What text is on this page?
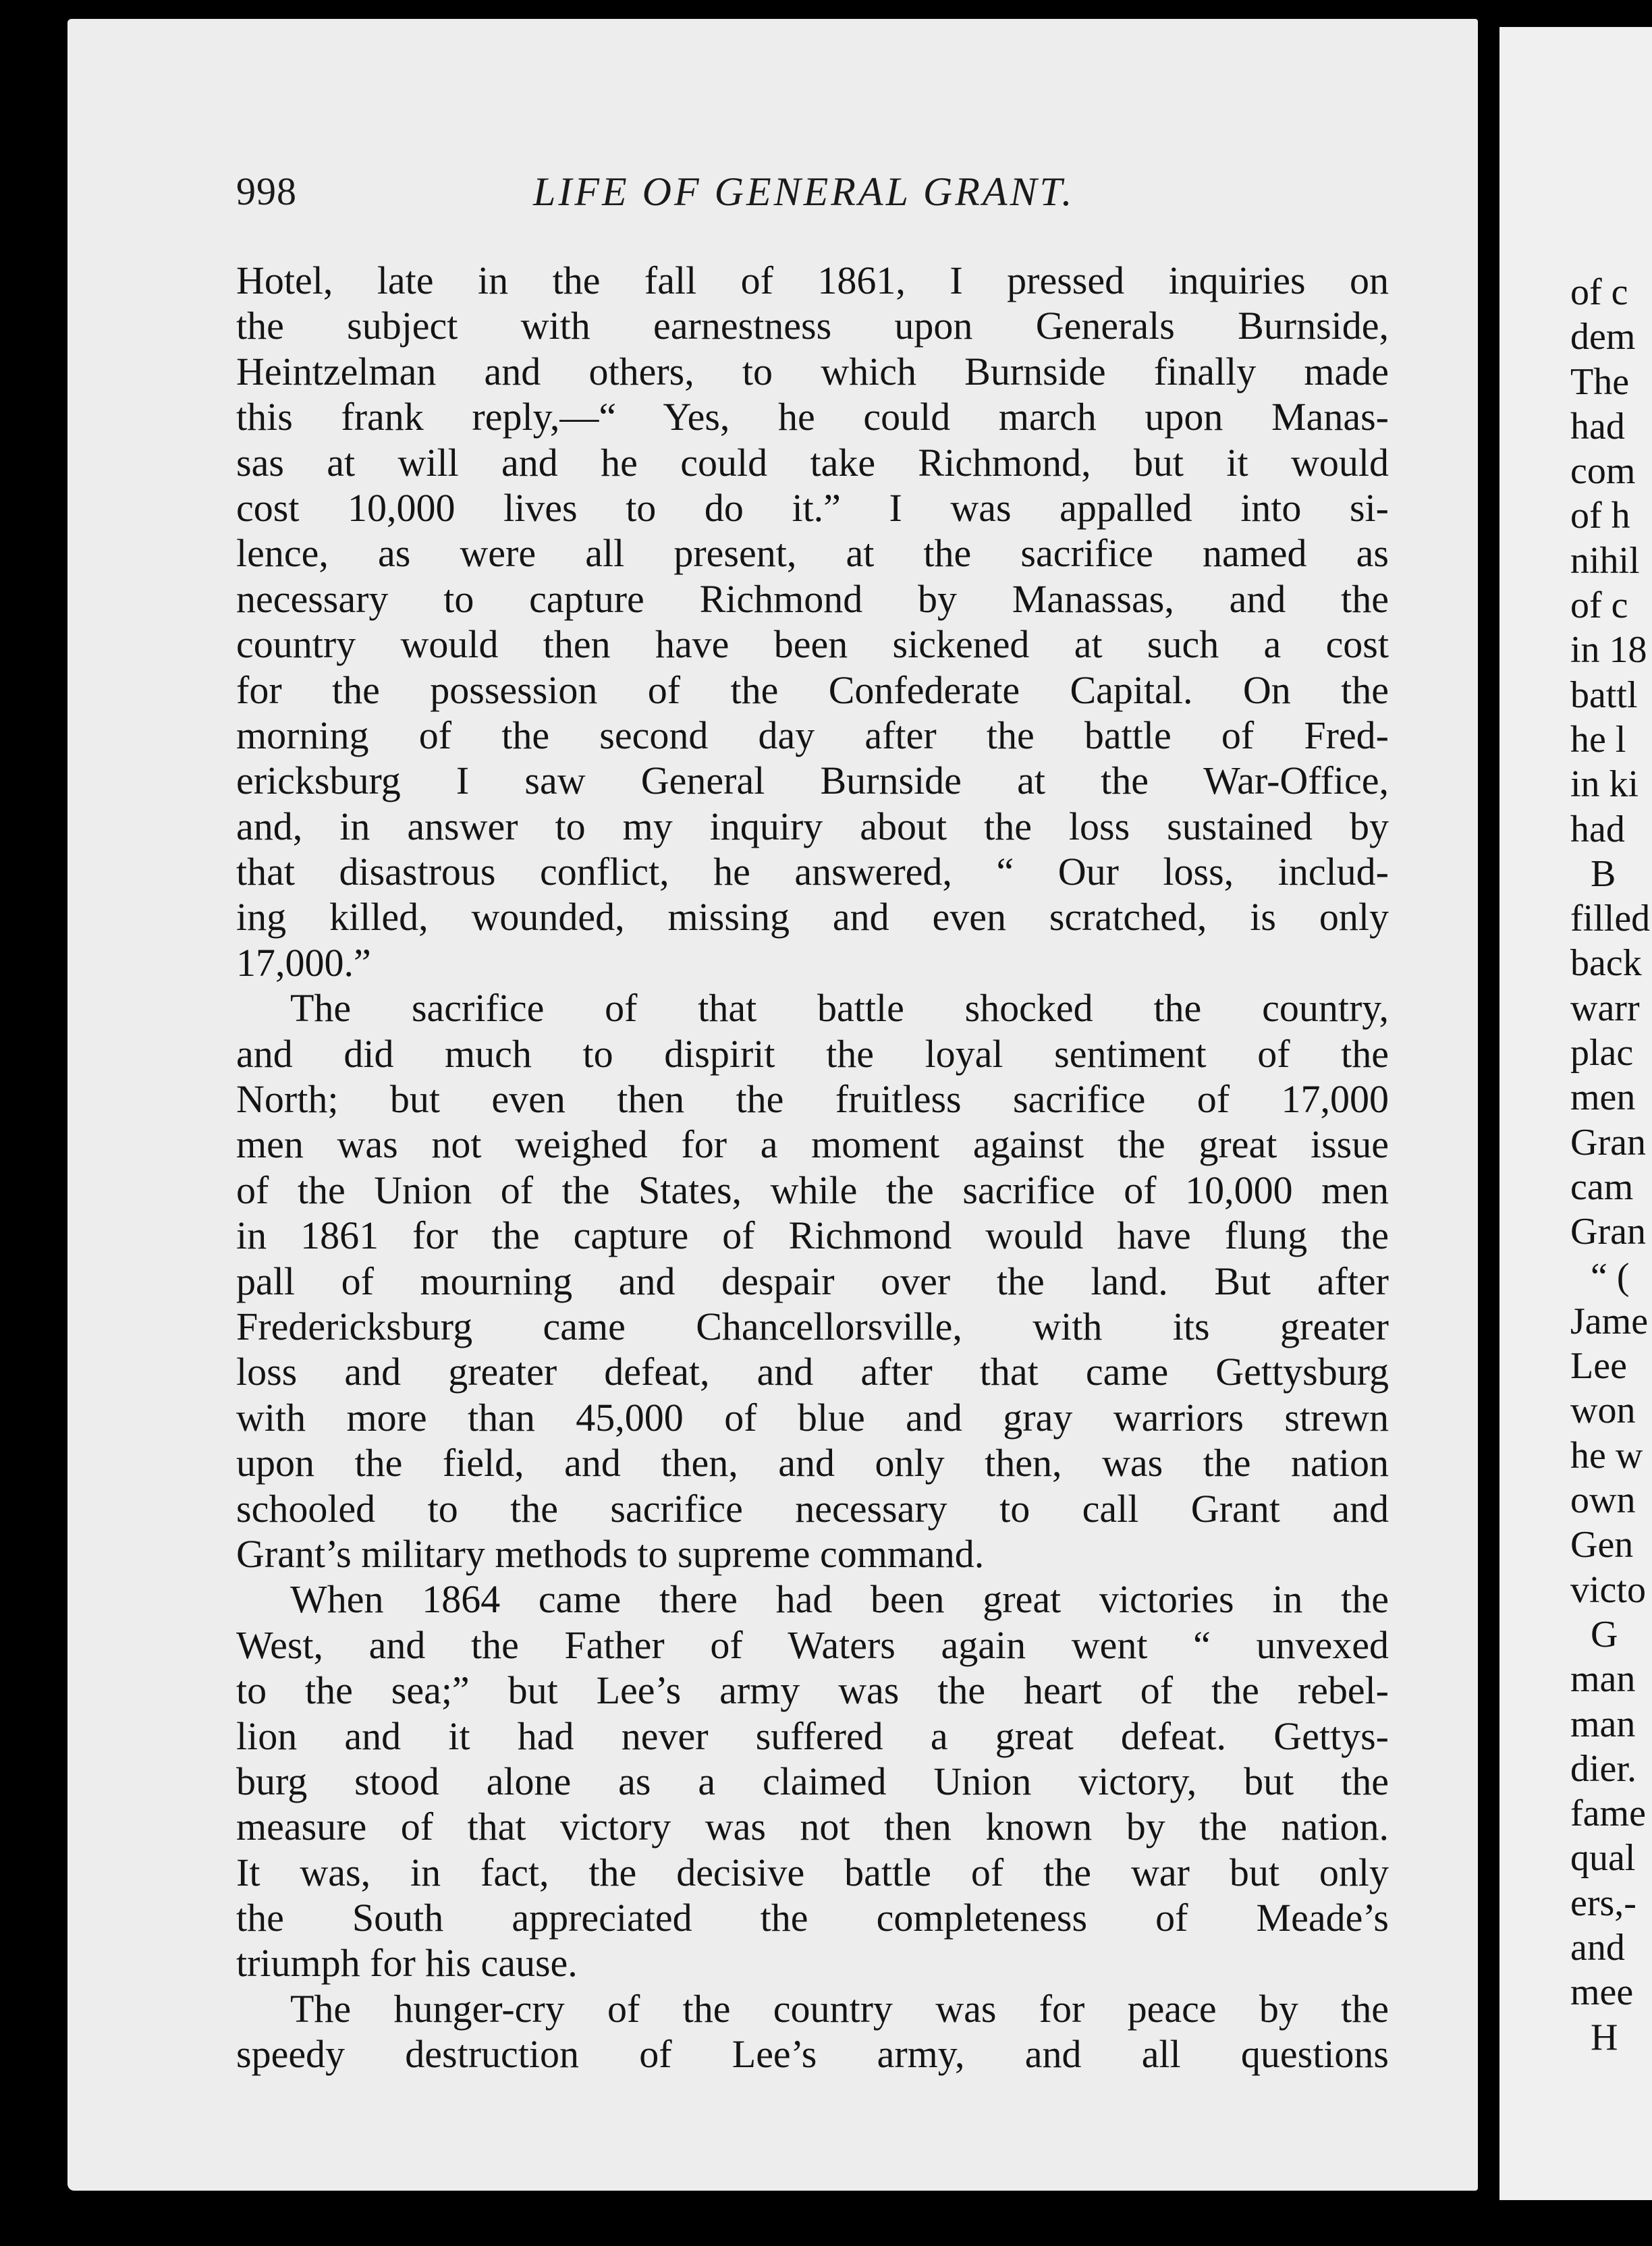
of c
dem
The
had
com
of h
nihil
of c
in 18
battl
he l
in ki
had
B
filled
back
warr
plac
men
Gran
cam
Gran
“ (
Jame
Lee
won
he w
own
Gen
victo
G
man
man
dier.
fame
qual
ers,-
and
mee
H
998	LIFE OF GENERAL GRANT.
Hotel, late in the fall of 1861, I pressed inquiries on
the subject with earnestness upon Generals Burnside,
Heintzelman and others, to which Burnside finally made
this frank reply,—“ Yes, he could march upon Manas-
sas at will and he could take Richmond, but it would
cost 10,000 lives to do it.” I was appalled into si-
lence, as were all present, at the sacrifice named as
necessary to capture Richmond by Manassas, and the
country would then have been sickened at such a cost
for the possession of the Confederate Capital. On the
morning of the second day after the battle of Fred-
ericksburg I saw General Burnside at the War-Office,
and, in answer to my inquiry about the loss sustained by
that disastrous conflict, he answered, “ Our loss, includ-
ing killed, wounded, missing and even scratched, is only
17,000.”
The sacrifice of that battle shocked the country,
and did much to dispirit the loyal sentiment of the
North; but even then the fruitless sacrifice of 17,000
men was not weighed for a moment against the great issue
of the Union of the States, while the sacrifice of 10,000 men
in 1861 for the capture of Richmond would have flung the
pall of mourning and despair over the land. But after
Fredericksburg came Chancellorsville, with its greater
loss and greater defeat, and after that came Gettysburg
with more than 45,000 of blue and gray warriors strewn
upon the field, and then, and only then, was the nation
schooled to the sacrifice necessary to call Grant and
Grant’s military methods to supreme command.
When 1864 came there had been great victories in the
West, and the Father of Waters again went “ unvexed
to the sea;” but Lee’s army was the heart of the rebel-
lion and it had never suffered a great defeat. Gettys-
burg stood alone as a claimed Union victory, but the
measure of that victory was not then known by the nation.
It was, in fact, the decisive battle of the war but only
the South appreciated the completeness of Meade’s
triumph for his cause.
The hunger-cry of the country was for peace by the
speedy destruction of Lee’s army, and all questions
